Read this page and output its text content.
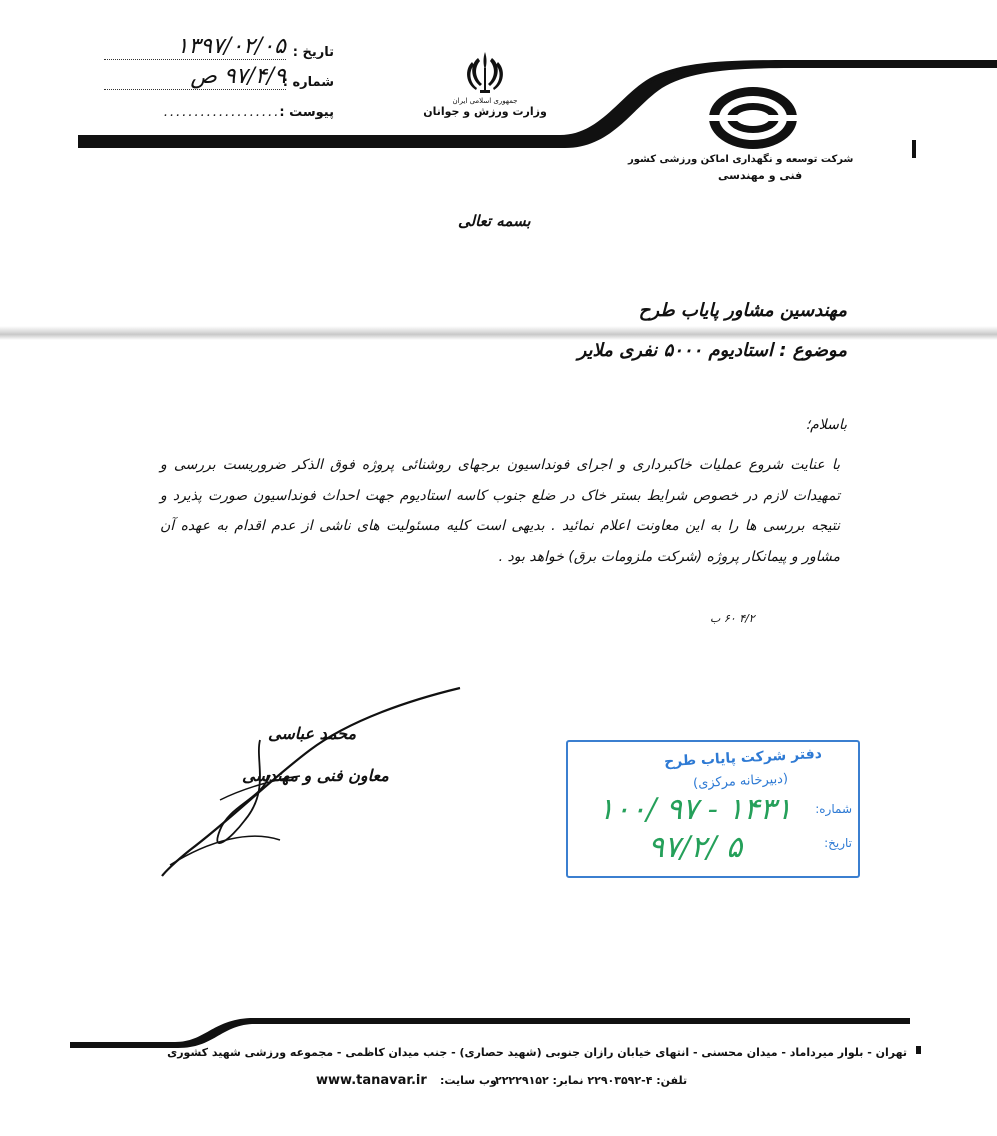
تاریخ :
۱۳۹۷/۰۲/۰۵
شماره :
۹۷/۴/۹ ص
پیوست :
....................
جمهوری اسلامی ایران
وزارت ورزش و جوانان
شرکت توسعه و نگهداری اماکن ورزشی کشور
فنی و مهندسی
بسمه تعالی
مهندسین مشاور پایاب طرح
موضوع : استادیوم ۵۰۰۰ نفری ملایر
باسلام؛
با عنایت شروع عملیات خاکبرداری و اجرای فونداسیون برجهای روشنائی پروژه فوق الذکر ضروریست بررسی و تمهیدات لازم در خصوص شرایط بستر خاک در ضلع جنوب کاسه استادیوم جهت احداث فونداسیون صورت پذیرد و نتیجه بررسی ها را به این معاونت اعلام نمائید . بدیهی است کلیه مسئولیت های ناشی از عدم اقدام به عهده آن مشاور و پیمانکار پروژه (شرکت ملزومات برق) خواهد بود .
۴/۲ ۶۰ ب
محمد عباسی
معاون فنی و مهندسی
دفتر شرکت پایاب طرح
(دبیرخانه مرکزی)
شماره:
تاریخ:
۱۰۰/ ۹۷ - ۱۴۳۱
۹۷/۲/ ۵
تهران - بلوار میرداماد - میدان محسنی - انتهای خیابان رازان جنوبی (شهید حصاری) - جنب میدان کاظمی - مجموعه ورزشی شهید کشوری
تلفن: ۴-۲۲۹۰۳۵۹۲ نمابر: ۲۲۲۲۹۱۵۲
وب سایت:
www.tanavar.ir
